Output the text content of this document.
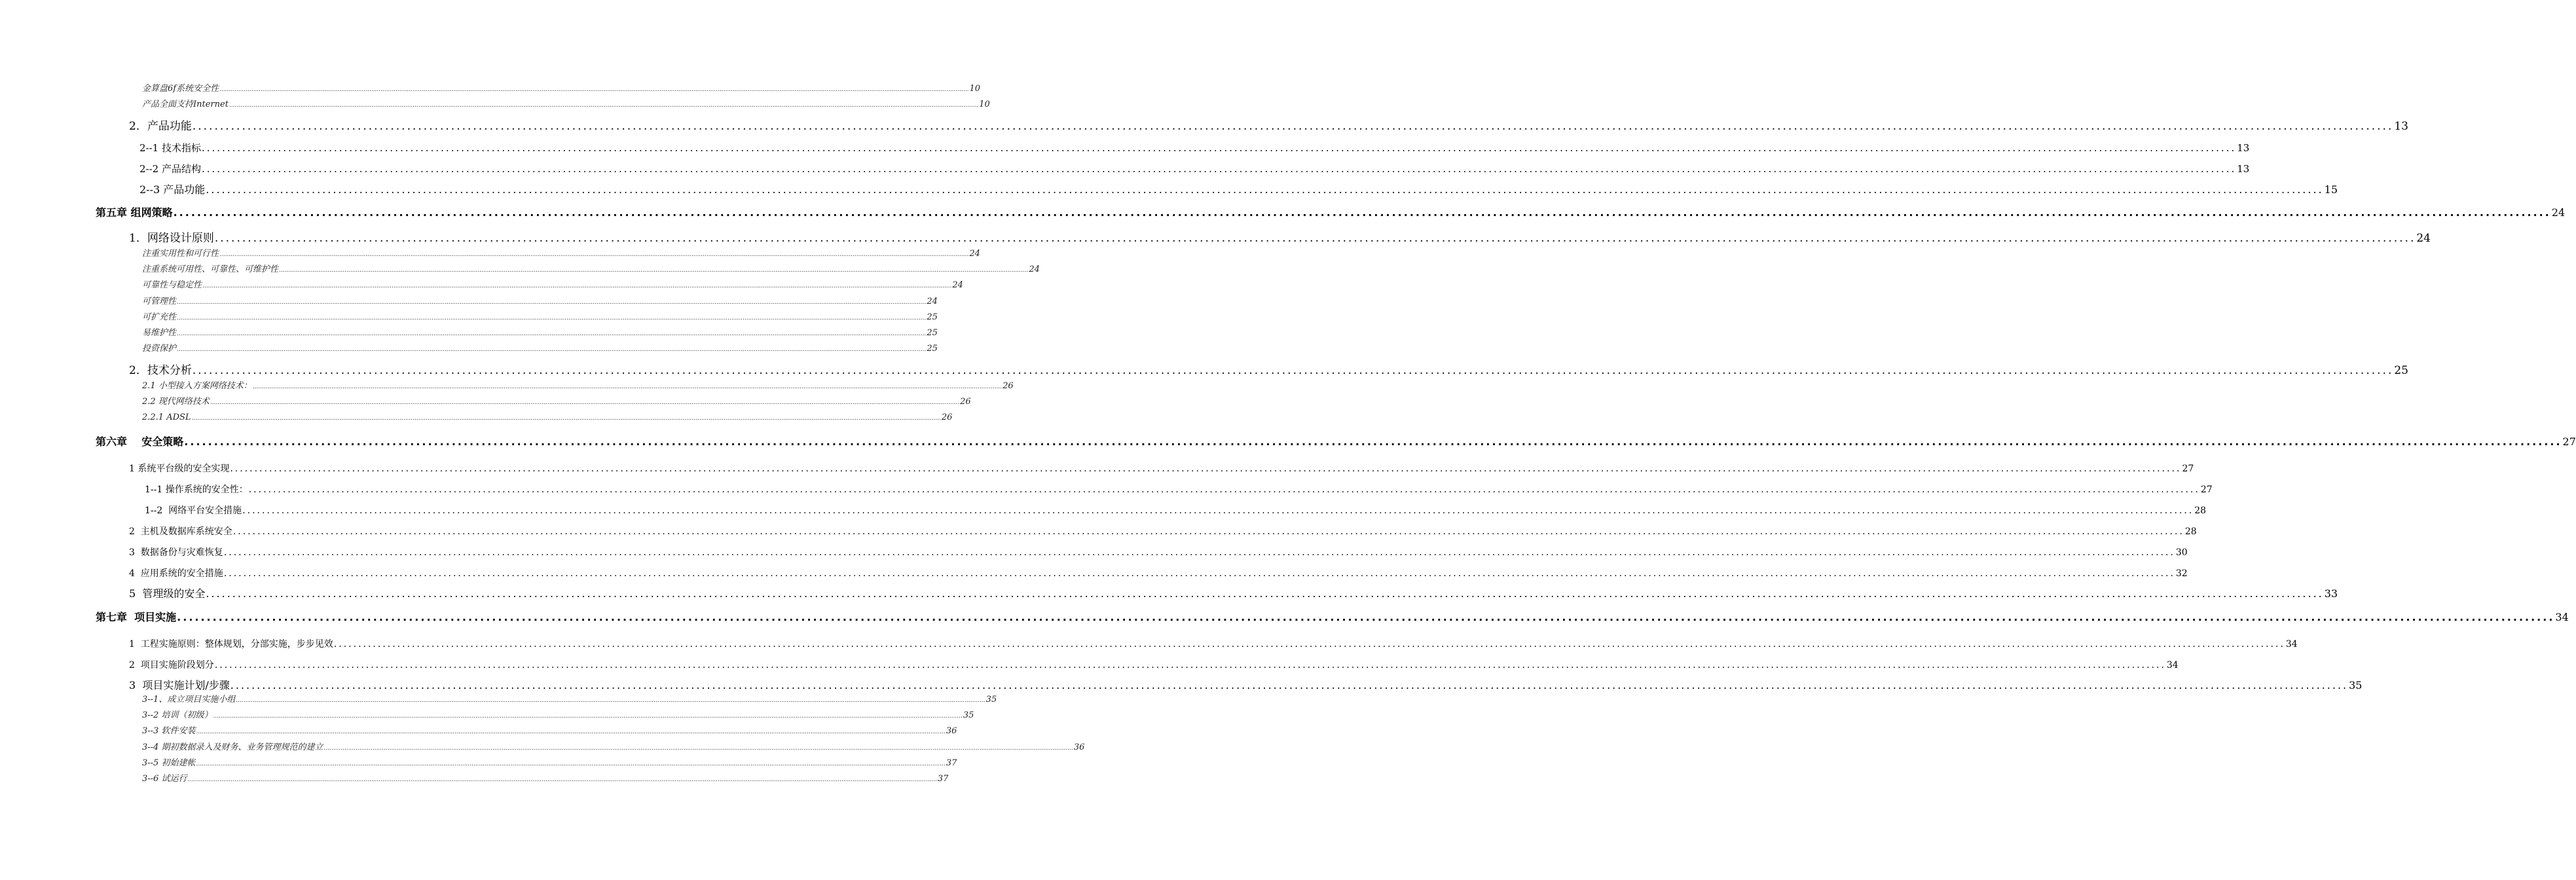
金算盘6f系统安全性 ................................................................................................................................................................................................................................................................................................................................................................................................................ 10
产品全面支持Internet ................................................................................................................................................................................................................................................................................................................................................................................................................ 10
2．产品功能 ................................................................................................................................................................................................................................................................................................................................................................................................................ 13
2--1 技术指标 ................................................................................................................................................................................................................................................................................................................................................................................................................ 13
2--2 产品结构 ................................................................................................................................................................................................................................................................................................................................................................................................................ 13
2--3 产品功能 ................................................................................................................................................................................................................................................................................................................................................................................................................ 15
第五章 组网策略 ................................................................................................................................................................................................................................................................................................................................................................................................................ 24
1．网络设计原则 ................................................................................................................................................................................................................................................................................................................................................................................................................ 24
注重实用性和可行性 ................................................................................................................................................................................................................................................................................................................................................................................................................ 24
注重系统可用性、可靠性、可维护性 ................................................................................................................................................................................................................................................................................................................................................................................................................ 24
可靠性与稳定性 ................................................................................................................................................................................................................................................................................................................................................................................................................ 24
可管理性 ................................................................................................................................................................................................................................................................................................................................................................................................................ 24
可扩充性 ................................................................................................................................................................................................................................................................................................................................................................................................................ 25
易维护性 ................................................................................................................................................................................................................................................................................................................................................................................................................ 25
投资保护 ................................................................................................................................................................................................................................................................................................................................................................................................................ 25
2．技术分析 ................................................................................................................................................................................................................................................................................................................................................................................................................ 25
2.1 小型接入方案网络技术： ................................................................................................................................................................................................................................................................................................................................................................................................................ 26
2.2 现代网络技术 ................................................................................................................................................................................................................................................................................................................................................................................................................ 26
2.2.1 ADSL ................................................................................................................................................................................................................................................................................................................................................................................................................ 26
第六章    安全策略 ................................................................................................................................................................................................................................................................................................................................................................................................................ 27
1 系统平台级的安全实现 ................................................................................................................................................................................................................................................................................................................................................................................................................ 27
1--1 操作系统的安全性： ................................................................................................................................................................................................................................................................................................................................................................................................................ 27
1--2  网络平台安全措施 ................................................................................................................................................................................................................................................................................................................................................................................................................ 28
2  主机及数据库系统安全 ................................................................................................................................................................................................................................................................................................................................................................................................................ 28
3  数据备份与灾难恢复 ................................................................................................................................................................................................................................................................................................................................................................................................................ 30
4  应用系统的安全措施 ................................................................................................................................................................................................................................................................................................................................................................................................................ 32
5  管理级的安全 ................................................................................................................................................................................................................................................................................................................................................................................................................ 33
第七章  项目实施 ................................................................................................................................................................................................................................................................................................................................................................................................................ 34
1  工程实施原则：整体规划，分部实施，步步见效 ................................................................................................................................................................................................................................................................................................................................................................................................................ 34
2  项目实施阶段划分 ................................................................................................................................................................................................................................................................................................................................................................................................................ 34
3  项目实施计划/步骤 ................................................................................................................................................................................................................................................................................................................................................................................................................ 35
3--1、成立项目实施小组 ................................................................................................................................................................................................................................................................................................................................................................................................................ 35
3--2 培训（初级） ................................................................................................................................................................................................................................................................................................................................................................................................................ 35
3--3 软件安装 ................................................................................................................................................................................................................................................................................................................................................................................................................ 36
3--4 期初数据录入及财务、业务管理规范的建立 ................................................................................................................................................................................................................................................................................................................................................................................................................ 36
3--5 初始建帐 ................................................................................................................................................................................................................................................................................................................................................................................................................ 37
3--6 试运行 ................................................................................................................................................................................................................................................................................................................................................................................................................ 37
